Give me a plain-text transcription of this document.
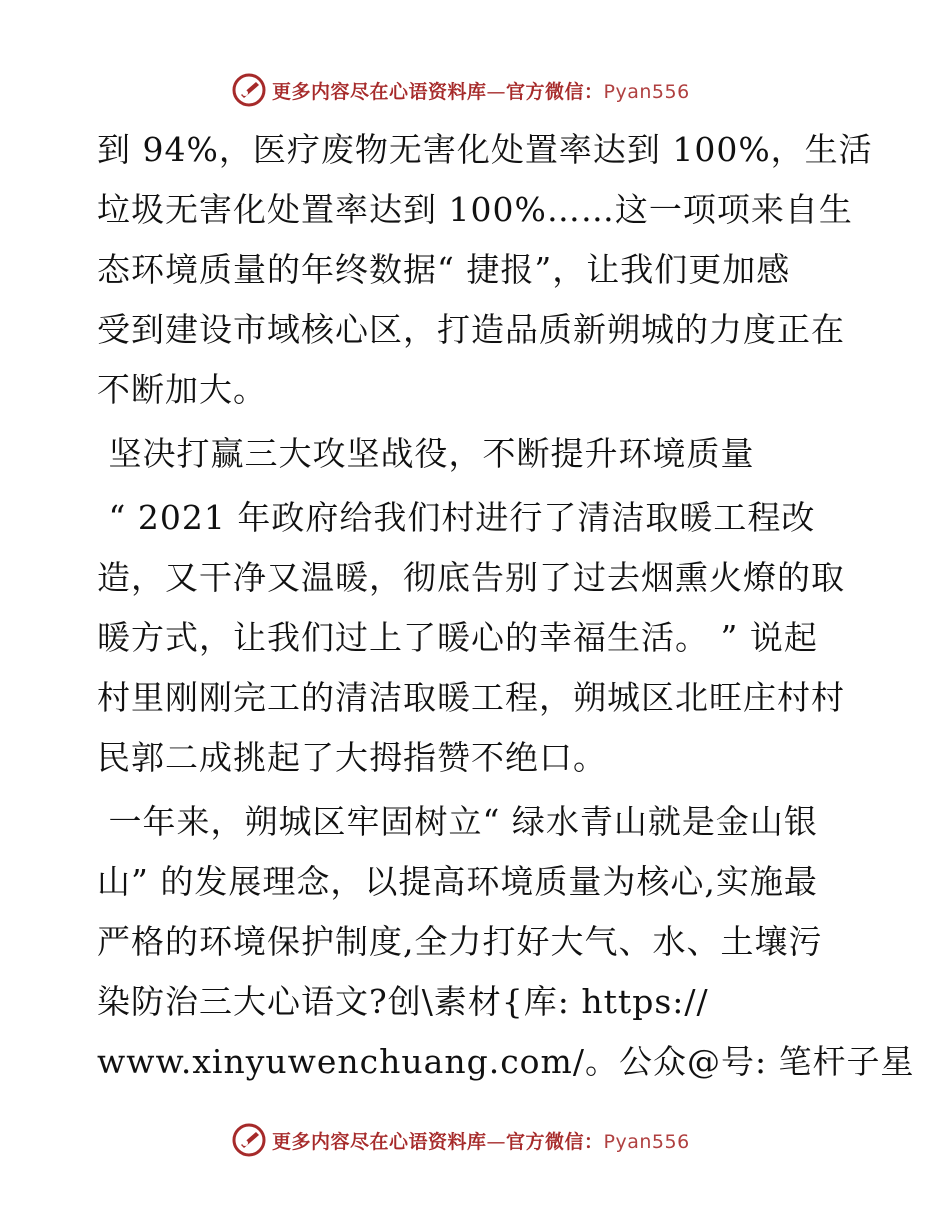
更多内容尽在心语资料库—官方微信：Pyan556
到 94%，医疗废物无害化处置率达到 100%，生活
垃圾无害化处置率达到 100%……这一项项来自生
态环境质量的年终数据“ 捷报”，让我们更加感
受到建设市域核心区，打造品质新朔城的力度正在
不断加大。
坚决打赢三大攻坚战役，不断提升环境质量
“ 2021 年政府给我们村进行了清洁取暖工程改
造，又干净又温暖，彻底告别了过去烟熏火燎的取
暖方式，让我们过上了暖心的幸福生活。 ” 说起
村里刚刚完工的清洁取暖工程，朔城区北旺庄村村
民郭二成挑起了大拇指赞不绝口。
一年来，朔城区牢固树立“ 绿水青山就是金山银
山” 的发展理念，以提高环境质量为核心,实施最
严格的环境保护制度,全力打好大气、水、土壤污
染防治三大心语文?创\素材{库: https://
www.xinyuwenchuang.com/。公众@号: 笔杆子星
更多内容尽在心语资料库—官方微信：Pyan556
